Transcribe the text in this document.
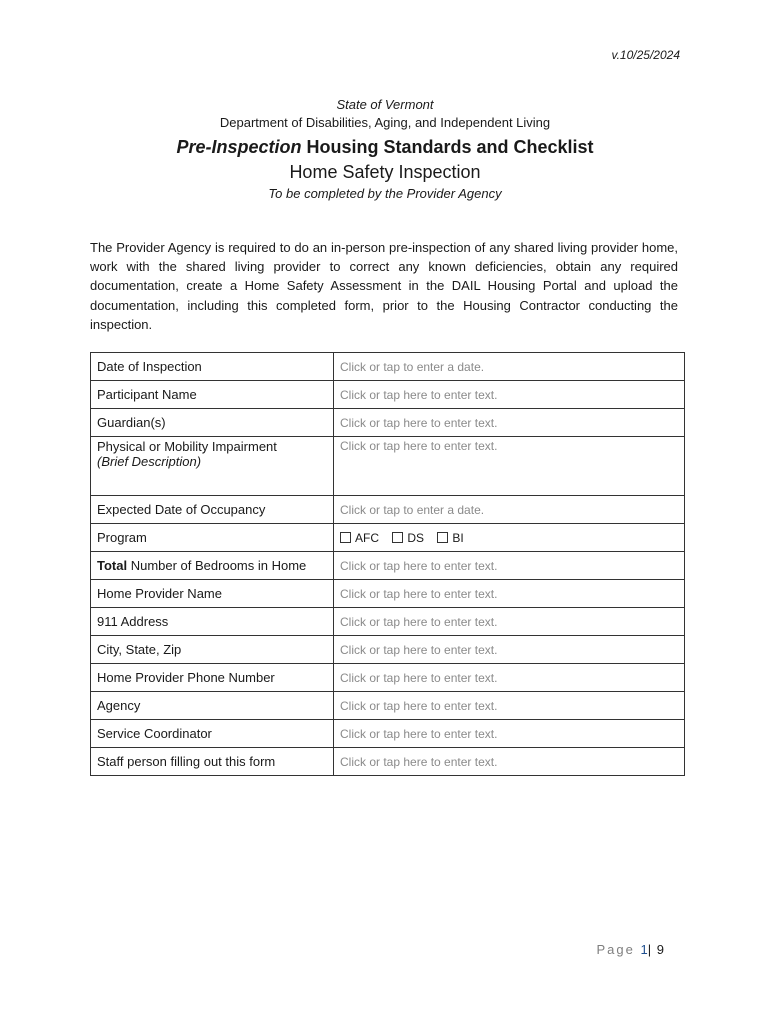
v.10/25/2024
State of Vermont
Department of Disabilities, Aging, and Independent Living
Pre-Inspection Housing Standards and Checklist
Home Safety Inspection
To be completed by the Provider Agency
The Provider Agency is required to do an in-person pre-inspection of any shared living provider home, work with the shared living provider to correct any known deficiencies, obtain any required documentation, create a Home Safety Assessment in the DAIL Housing Portal and upload the documentation, including this completed form, prior to the Housing Contractor conducting the inspection.
Date of Inspection	Click or tap to enter a date.
Participant Name	Click or tap here to enter text.
Guardian(s)	Click or tap here to enter text.

Physical or Mobility Impairment
(Brief Description)	Click or tap here to enter text.
Expected Date of Occupancy	Click or tap to enter a date.
Program	AFC DS BI
Total Number of Bedrooms in Home	Click or tap here to enter text.
Home Provider Name	Click or tap here to enter text.
911 Address	Click or tap here to enter text.
City, State, Zip	Click or tap here to enter text.
Home Provider Phone Number	Click or tap here to enter text.
Agency	Click or tap here to enter text.
Service Coordinator	Click or tap here to enter text.
Staff person filling out this form	Click or tap here to enter text.
Page 1| 9
